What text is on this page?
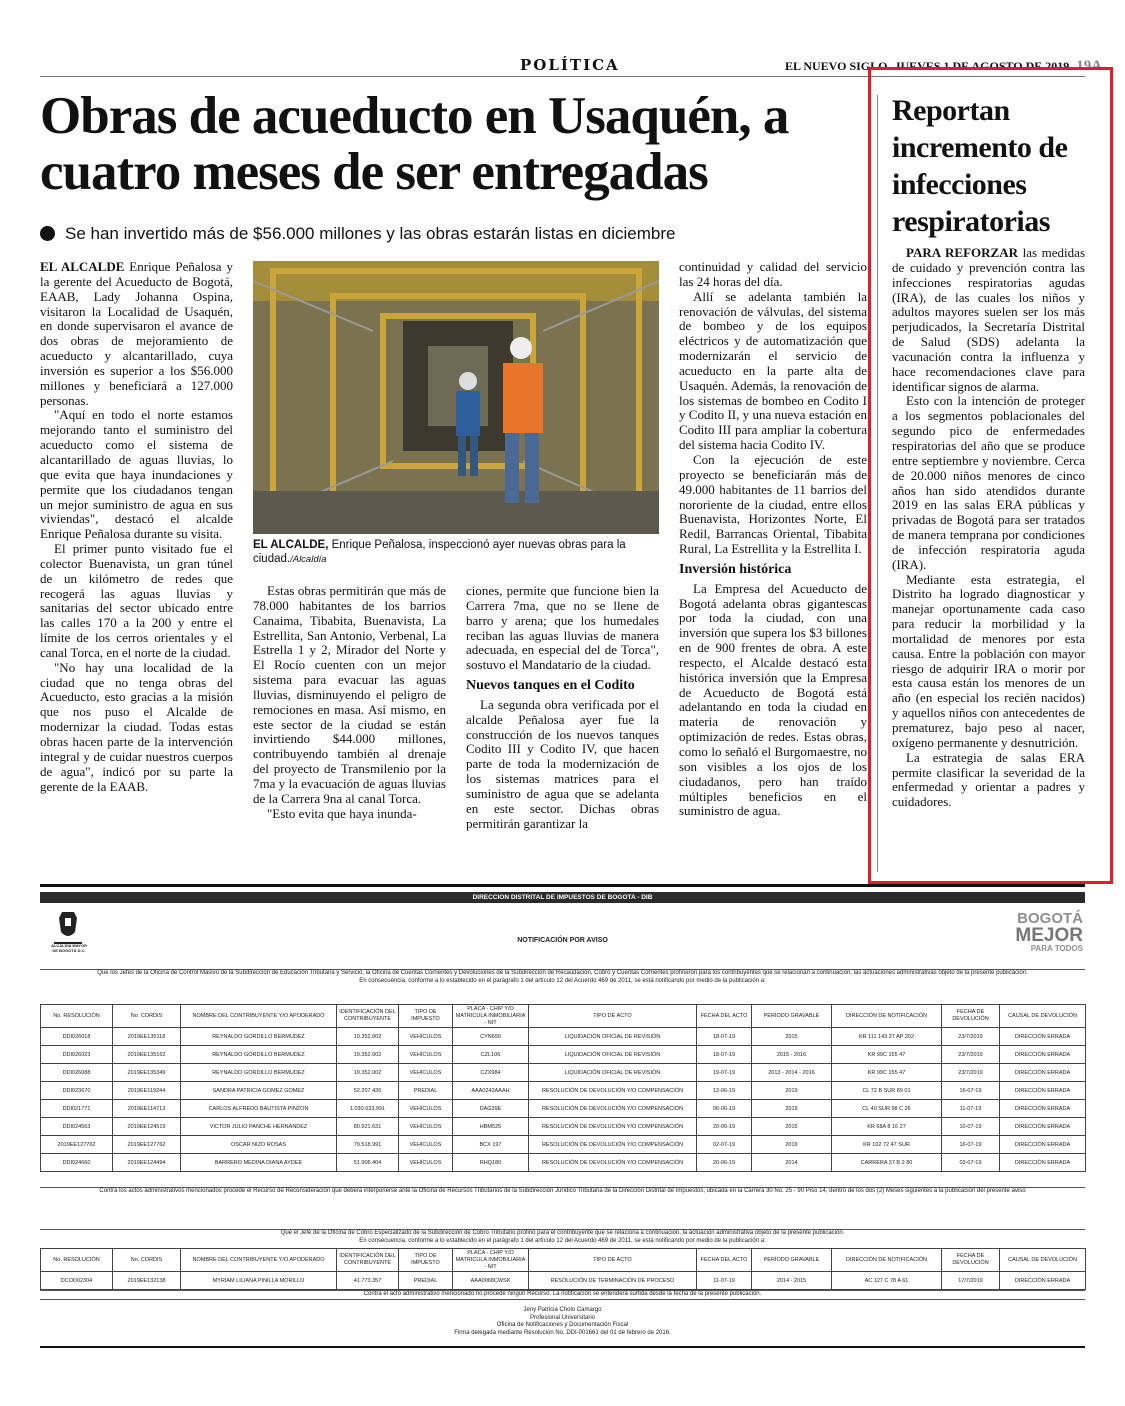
POLÍTICA	EL NUEVO SIGLO JUEVES 1 DE AGOSTO DE 2019 19A
Obras de acueducto en Usaquén, a cuatro meses de ser entregadas
Se han invertido más de $56.000 millones y las obras estarán listas en diciembre

EL ALCALDE Enrique Peñalosa y la gerente del Acueducto de Bogotá, EAAB, Lady Johanna Ospina, visitaron la Localidad de Usaquén, en donde supervisaron el avance de dos obras de mejoramiento de acueducto y alcantarillado, cuya inversión es superior a los $56.000 millones y beneficiará a 127.000 personas.

"Aquí en todo el norte estamos mejorando tanto el suministro del acueducto como el sistema de alcantarillado de aguas lluvias, lo que evita que haya inundaciones y permite que los ciudadanos tengan un mejor suministro de agua en sus viviendas", destacó el alcalde Enrique Peñalosa durante su visita.

El primer punto visitado fue el colector Buenavista, un gran túnel de un kilómetro de redes que recogerá las aguas lluvias y sanitarias del sector ubicado entre las calles 170 a la 200 y entre el límite de los cerros orientales y el canal Torca, en el norte de la ciudad.

"No hay una localidad de la ciudad que no tenga obras del Acueducto, esto gracias a la misión que nos puso el Alcalde de modernizar la ciudad. Todas estas obras hacen parte de la intervención integral y de cuidar nuestros cuerpos de agua", indicó por su parte la gerente de la EAAB.

EL ALCALDE, Enrique Peñalosa, inspeccionó ayer nuevas obras para la ciudad./Alcaldía

Estas obras permitirán que más de 78.000 habitantes de los barrios Canaima, Tibabita, Buenavista, La Estrellita, San Antonio, Verbenal, La Estrella 1 y 2, Mirador del Norte y El Rocío cuenten con un mejor sistema para evacuar las aguas lluvias, disminuyendo el peligro de remociones en masa. Así mismo, en este sector de la ciudad se están invirtiendo $44.000 millones, contribuyendo también al drenaje del proyecto de Transmilenio por la 7ma y la evacuación de aguas lluvias de la Carrera 9na al canal Torca.

"Esto evita que haya inunda-

ciones, permite que funcione bien la Carrera 7ma, que no se llene de barro y arena; que los humedales reciban las aguas lluvias de manera adecuada, en especial del de Torca", sostuvo el Mandatario de la ciudad.

Nuevos tanques en el Codito

La segunda obra verificada por el alcalde Peñalosa ayer fue la construcción de los nuevos tanques Codito III y Codito IV, que hacen parte de toda la modernización de los sistemas matrices para el suministro de agua que se adelanta en este sector. Dichas obras permitirán garantizar la

continuidad y calidad del servicio las 24 horas del día.

Allí se adelanta también la renovación de válvulas, del sistema de bombeo y de los equipos eléctricos y de automatización que modernizarán el servicio de acueducto en la parte alta de Usaquén. Además, la renovación de los sistemas de bombeo en Codito I y Codito II, y una nueva estación en Codito III para ampliar la cobertura del sistema hacia Codito IV.

Con la ejecución de este proyecto se beneficiarán más de 49.000 habitantes de 11 barrios del nororiente de la ciudad, entre ellos Buenavista, Horizontes Norte, El Redil, Barrancas Oriental, Tibabita Rural, La Estrellita y la Estrellita I.

Inversión histórica

La Empresa del Acueducto de Bogotá adelanta obras gigantescas por toda la ciudad, con una inversión que supera los $3 billones en de 900 frentes de obra. A este respecto, el Alcalde destacó esta histórica inversión que la Empresa de Acueducto de Bogotá está adelantando en toda la ciudad en materia de renovación y optimización de redes. Estas obras, como lo señaló el Burgomaestre, no son visibles a los ojos de los ciudadanos, pero han traído múltiples beneficios en el suministro de agua.

Reportan incremento de infecciones respiratorias

PARA REFORZAR las medidas de cuidado y prevención contra las infecciones respiratorias agudas (IRA), de las cuales los niños y adultos mayores suelen ser los más perjudicados, la Secretaría Distrital de Salud (SDS) adelanta la vacunación contra la influenza y hace recomendaciones clave para identificar signos de alarma.

Esto con la intención de proteger a los segmentos poblacionales del segundo pico de enfermedades respiratorias del año que se produce entre septiembre y noviembre. Cerca de 20.000 niños menores de cinco años han sido atendidos durante 2019 en las salas ERA públicas y privadas de Bogotá para ser tratados de manera temprana por condiciones de infección respiratoria aguda (IRA).

Mediante esta estrategia, el Distrito ha logrado diagnosticar y manejar oportunamente cada caso para reducir la morbilidad y la mortalidad de menores por esta causa. Entre la población con mayor riesgo de adquirir IRA o morir por esta causa están los menores de un año (en especial los recién nacidos) y aquellos niños con antecedentes de prematurez, bajo peso al nacer, oxígeno permanente y desnutrición.

La estrategia de salas ERA permite clasificar la severidad de la enfermedad y orientar a padres y cuidadores.

DIRECCION DISTRITAL DE IMPUESTOS DE BOGOTA - DIB
ALCALDÍA MAYOR DE BOGOTÁ D.C.
NOTIFICACIÓN POR AVISO
BOGOTÁ
MEJOR
PARA TODOS
Que los Jefes de la Oficina de Control Masivo de la Subdirección de Educación Tributaria y Servicio, la Oficina de Cuentas Corrientes y Devoluciones de la Subdirección de Recaudación, Cobro y Cuentas Corrientes profirieron para los contribuyentes que se relacionan a continuación, las actuaciones administrativas objeto de la presente publicación.
En consecuencia, conforme a lo establecido en el parágrafo 1 del artículo 12 del Acuerdo 469 de 2011, se está notificando por medio de la publicación a:
No. RESOLUCIÓN	No. CORDIS	NOMBRE DEL CONTRIBUYENTE Y/O APODERADO	IDENTIFICACIÓN DEL CONTRIBUYENTE	TIPO DE IMPUESTO	PLACA - CHIP Y/O MATRICULA INMOBILIARIA - NIT	TIPO DE ACTO	FECHA DEL ACTO	PERÍODO GRAVABLE	DIRECCIÓN DE NOTIFICACIÓN	FECHA DE DEVOLUCIÓN	CAUSAL DE DEVOLUCIÓN
DDI026018	2019EE135118	REYNALDO GORDILLO BERMUDEZ	19.352.002	VEHÍCULOS	CYN690	LIQUIDACIÓN OFICIAL DE REVISIÓN	18-07-19	2015	KR 111 143 27 AP 202	23/7/2019	DIRECCIÓN ERRADA
DDI026023	2019EE135162	REYNALDO GORDILLO BERMUDEZ	19.352.002	VEHÍCULOS	CZL106	LIQUIDACIÓN OFICIAL DE REVISIÓN	18-07-19	2015 - 2016	KR 99C 155 47	23/7/2019	DIRECCIÓN ERRADA
DDI026088	2019EE135349	REYNALDO GORDILLO BERMUDEZ	19.352.002	VEHÍCULOS	CZX984	LIQUIDACIÓN OFICIAL DE REVISIÓN	19-07-19	2013 - 2014 - 2016	KR 99C 155 47	23/7/2019	DIRECCIÓN ERRADA
DDI023670	2019EE119244	SANDRA PATRICIA GOMEZ GOMEZ	52.207.436	PREDIAL	AAA0242AAAH	RESOLUCIÓN DE DEVOLUCIÓN Y/O COMPENSACIÓN	12-06-19	2019	CL 72 B SUR 89 01	16-07-19	DIRECCIÓN ERRADA
DDI021771	2019EE114713	CARLOS ALFREDO BAUTISTA PINZON	1.030.633.991	VEHÍCULOS	DAG39E	RESOLUCIÓN DE DEVOLUCIÓN Y/O COMPENSACIÓN	06-06-19	2019	CL 40 SUR 98 C 26	11-07-19	DIRECCIÓN ERRADA
DDI024563	2019EE124519	VICTOR JULIO PANCHE HERNANDEZ	80.921.631	VEHÍCULOS	HBM525	RESOLUCIÓN DE DEVOLUCIÓN Y/O COMPENSACIÓN	20-06-19	2015	KR 68A 8 16 27	10-07-19	DIRECCIÓN ERRADA
2019EE127762	2019EE127762	OSCAR NIZO ROSAS	79.518.991	VEHÍCULOS	BCX 197	RESOLUCIÓN DE DEVOLUCIÓN Y/O COMPENSACIÓN	02-07-19	2019	KR 102 72 47 SUR	16-07-19	DIRECCIÓN ERRADA
DDI024660	2019EE124494	BARRERO MEDINA DIANA AYDEE	51.906.404	VEHÍCULOS	RHQ180	RESOLUCIÓN DE DEVOLUCIÓN Y/O COMPENSACIÓN	20-06-19	2014	CARRERA 37 B 2 80	03-07-19	DIRECCIÓN ERRADA
Contra los actos administrativos mencionados procede el Recurso de Reconsideración que deberá interponerse ante la Oficina de Recursos Tributarios de la Subdirección Jurídico Tributaria de la Dirección Distrital de Impuestos, ubicada en la Carrera 30 No. 25 - 90 Piso 14, dentro de los dos (2) Meses siguientes a la publicación del presente aviso
Que el Jefe de la Oficina de Cobro Especializado de la Subdirección de Cobro Tributario profirió para el contribuyente que se relaciona a continuación, la actuación administrativa objeto de la presente publicación.
En consecuencia, conforme a lo establecido en el parágrafo 1 del artículo 12 del Acuerdo 469 de 2011, se está notificando por medio de la publicación a:
No. RESOLUCIÓN	No. CORDIS	NOMBRE DEL CONTRIBUYENTE Y/O APODERADO	IDENTIFICACIÓN DEL CONTRIBUYENTE	TIPO DE IMPUESTO	PLACA - CHIP Y/O MATRICULA INMOBILIARIA - NIT	TIPO DE ACTO	FECHA DEL ACTO	PERÍODO GRAVABLE	DIRECCIÓN DE NOTIFICACIÓN	FECHA DE DEVOLUCIÓN	CAUSAL DE DEVOLUCIÓN
DCOD02304	2019EE132138	MYRIAM LILIANA PINILLA MORILLO	41.773.357	PREDIAL	AAA0068CWSK	RESOLUCIÓN DE TERMINACIÓN DE PROCESO	11-07-19	2014 - 2015	AC 127 C 78 A 61	17/7/2019	DIRECCIÓN ERRADA
Contra el acto administrativo mencionado no procede ningún Recurso. La notificación se entenderá surtida desde la fecha de la presente publicación.
Jeny Patricia Cholo Camargo
Profesional Universitario
Oficina de Notificaciones y Documentación Fiscal
Firma delegada mediante Resolución No. DDI-001661 del 01 de febrero de 2016.
